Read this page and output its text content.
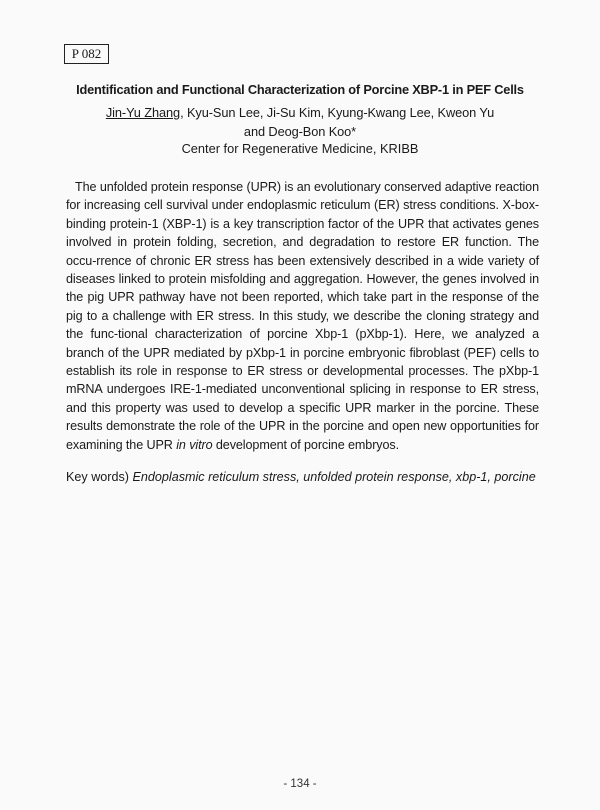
P 082
Identification and Functional Characterization of Porcine XBP-1 in PEF Cells
Jin-Yu Zhang, Kyu-Sun Lee, Ji-Su Kim, Kyung-Kwang Lee, Kweon Yu
and Deog-Bon Koo*
Center for Regenerative Medicine, KRIBB
The unfolded protein response (UPR) is an evolutionary conserved adaptive reaction for increasing cell survival under endoplasmic reticulum (ER) stress conditions. X-box-binding protein-1 (XBP-1) is a key transcription factor of the UPR that activates genes involved in protein folding, secretion, and degradation to restore ER function. The occu-rrence of chronic ER stress has been extensively described in a wide variety of diseases linked to protein misfolding and aggregation. However, the genes involved in the pig UPR pathway have not been reported, which take part in the response of the pig to a challenge with ER stress. In this study, we describe the cloning strategy and the func-tional characterization of porcine Xbp-1 (pXbp-1). Here, we analyzed a branch of the UPR mediated by pXbp-1 in porcine embryonic fibroblast (PEF) cells to establish its role in response to ER stress or developmental processes. The pXbp-1 mRNA undergoes IRE-1-mediated unconventional splicing in response to ER stress, and this property was used to develop a specific UPR marker in the porcine. These results demonstrate the role of the UPR in the porcine and open new opportunities for examining the UPR in vitro development of porcine embryos.
Key words) Endoplasmic reticulum stress, unfolded protein response, xbp-1, porcine
- 134 -
